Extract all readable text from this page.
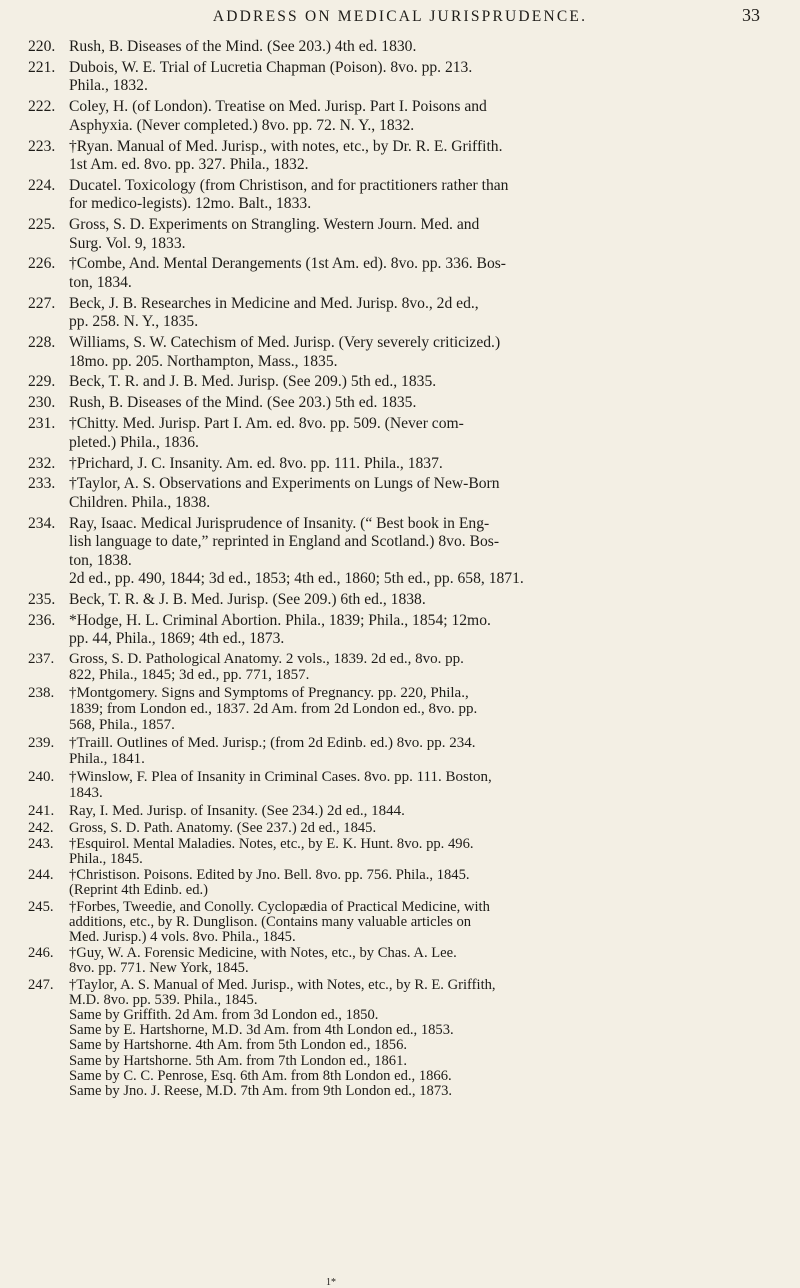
ADDRESS ON MEDICAL JURISPRUDENCE.	33
220. Rush, B. Diseases of the Mind. (See 203.) 4th ed. 1830.
221. Dubois, W. E. Trial of Lucretia Chapman (Poison). 8vo. pp. 213.
Phila., 1832.
222. Coley, H. (of London). Treatise on Med. Jurisp. Part I. Poisons and
Asphyxia. (Never completed.) 8vo. pp. 72. N. Y., 1832.
223. †Ryan. Manual of Med. Jurisp., with notes, etc., by Dr. R. E. Griffith.
1st Am. ed. 8vo. pp. 327. Phila., 1832.
224. Ducatel. Toxicology (from Christison, and for practitioners rather than
for medico-legists). 12mo. Balt., 1833.
225. Gross, S. D. Experiments on Strangling. Western Journ. Med. and
Surg. Vol. 9, 1833.
226. †Combe, And. Mental Derangements (1st Am. ed). 8vo. pp. 336. Bos-
ton, 1834.
227. Beck, J. B. Researches in Medicine and Med. Jurisp. 8vo., 2d ed.,
pp. 258. N. Y., 1835.
228. Williams, S. W. Catechism of Med. Jurisp. (Very severely criticized.)
18mo. pp. 205. Northampton, Mass., 1835.
229. Beck, T. R. and J. B. Med. Jurisp. (See 209.) 5th ed., 1835.
230. Rush, B. Diseases of the Mind. (See 203.) 5th ed. 1835.
231. †Chitty. Med. Jurisp. Part I. Am. ed. 8vo. pp. 509. (Never com-
pleted.) Phila., 1836.
232. †Prichard, J. C. Insanity. Am. ed. 8vo. pp. 111. Phila., 1837.
233. †Taylor, A. S. Observations and Experiments on Lungs of New-Born
Children. Phila., 1838.
234. Ray, Isaac. Medical Jurisprudence of Insanity. (“ Best book in Eng-
lish language to date,” reprinted in England and Scotland.) 8vo. Bos-
ton, 1838.
2d ed., pp. 490, 1844; 3d ed., 1853; 4th ed., 1860; 5th ed., pp. 658, 1871.
235. Beck, T. R. & J. B. Med. Jurisp. (See 209.) 6th ed., 1838.
236. *Hodge, H. L. Criminal Abortion. Phila., 1839; Phila., 1854; 12mo.
pp. 44, Phila., 1869; 4th ed., 1873.
237. Gross, S. D. Pathological Anatomy. 2 vols., 1839. 2d ed., 8vo. pp.
822, Phila., 1845; 3d ed., pp. 771, 1857.
238. †Montgomery. Signs and Symptoms of Pregnancy. pp. 220, Phila.,
1839; from London ed., 1837. 2d Am. from 2d London ed., 8vo. pp.
568, Phila., 1857.
239. †Traill. Outlines of Med. Jurisp.; (from 2d Edinb. ed.) 8vo. pp. 234.
Phila., 1841.
240. †Winslow, F. Plea of Insanity in Criminal Cases. 8vo. pp. 111. Boston,
1843.
241. Ray, I. Med. Jurisp. of Insanity. (See 234.) 2d ed., 1844.
242. Gross, S. D. Path. Anatomy. (See 237.) 2d ed., 1845.
243. †Esquirol. Mental Maladies. Notes, etc., by E. K. Hunt. 8vo. pp. 496.
Phila., 1845.
244. †Christison. Poisons. Edited by Jno. Bell. 8vo. pp. 756. Phila., 1845.
(Reprint 4th Edinb. ed.)
245. †Forbes, Tweedie, and Conolly. Cyclopædia of Practical Medicine, with
additions, etc., by R. Dunglison. (Contains many valuable articles on
Med. Jurisp.) 4 vols. 8vo. Phila., 1845.
246. †Guy, W. A. Forensic Medicine, with Notes, etc., by Chas. A. Lee.
8vo. pp. 771. New York, 1845.
247. †Taylor, A. S. Manual of Med. Jurisp., with Notes, etc., by R. E. Griffith,
M.D. 8vo. pp. 539. Phila., 1845.
Same by Griffith. 2d Am. from 3d London ed., 1850.
Same by E. Hartshorne, M.D. 3d Am. from 4th London ed., 1853.
Same by Hartshorne. 4th Am. from 5th London ed., 1856.
Same by Hartshorne. 5th Am. from 7th London ed., 1861.
Same by C. C. Penrose, Esq. 6th Am. from 8th London ed., 1866.
Same by Jno. J. Reese, M.D. 7th Am. from 9th London ed., 1873.
1*
